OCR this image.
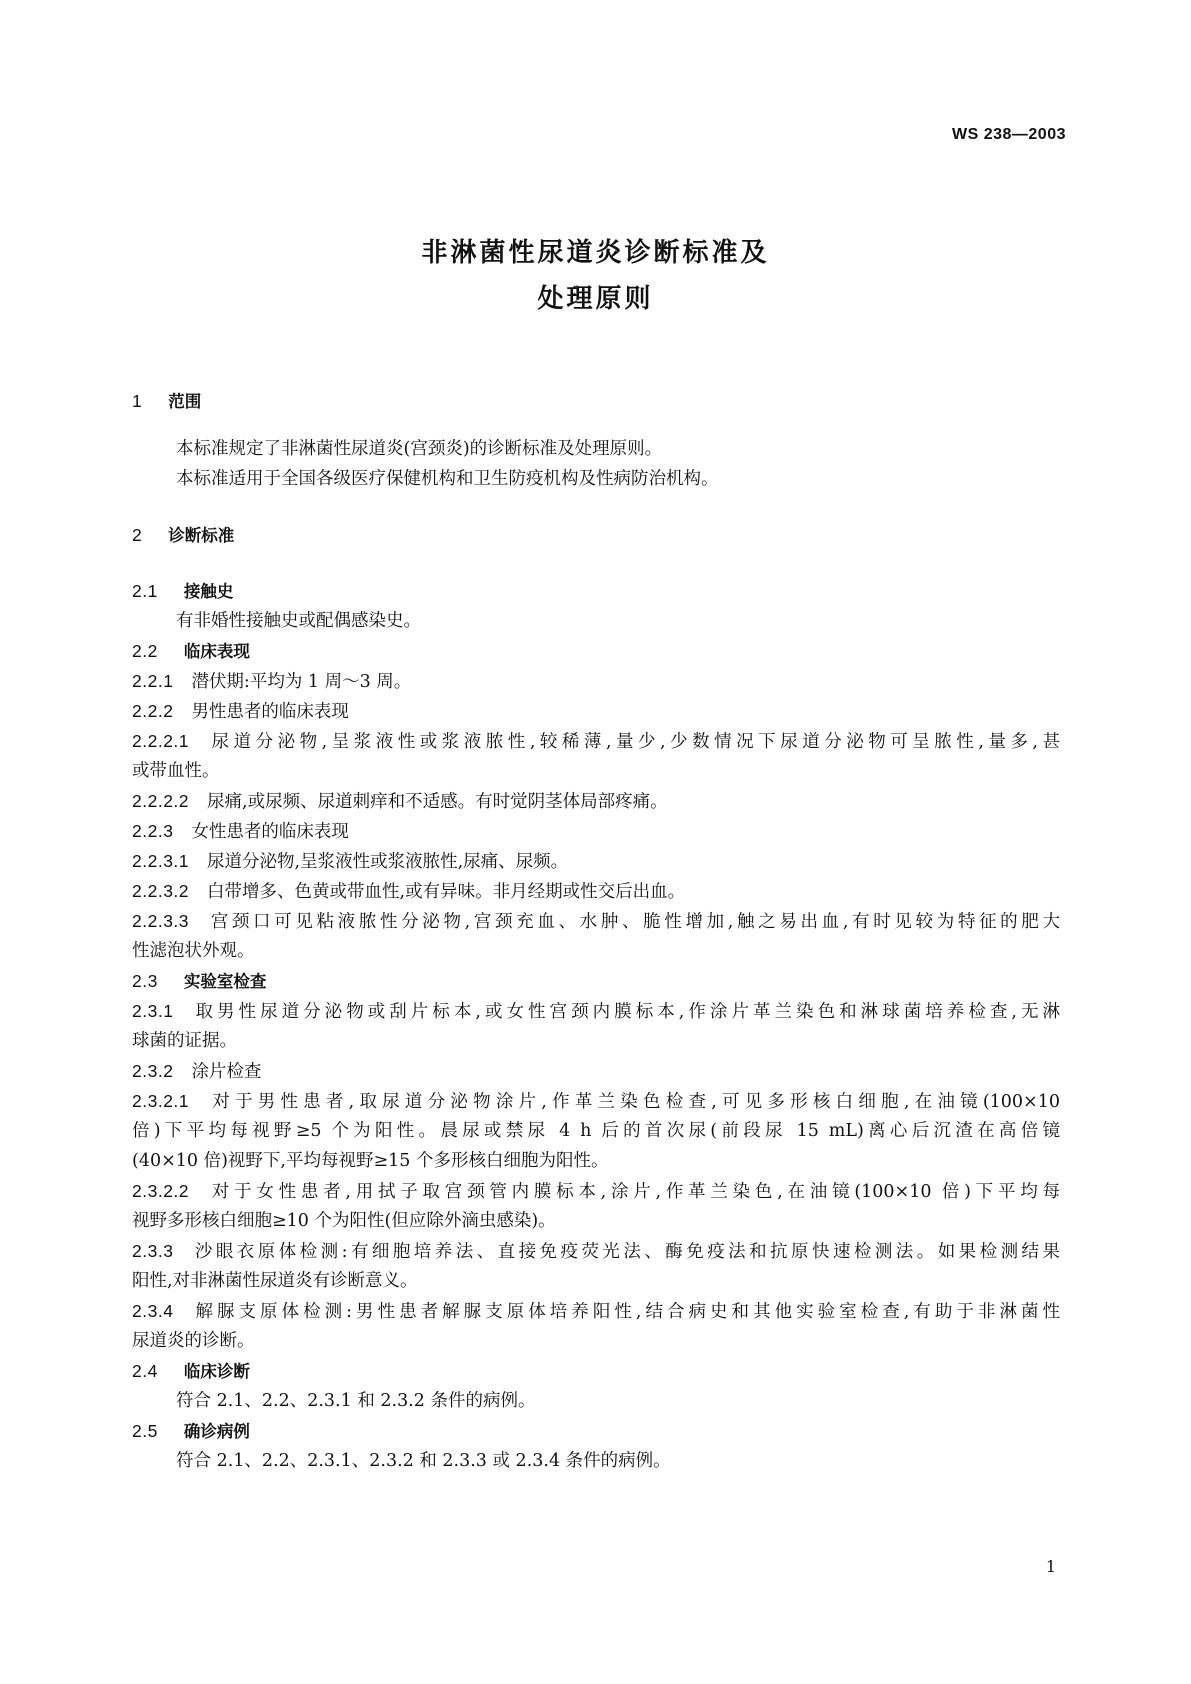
WS 238—2003
非淋菌性尿道炎诊断标准及
处理原则
1 范围
本标准规定了非淋菌性尿道炎(宫颈炎)的诊断标准及处理原则。
本标准适用于全国各级医疗保健机构和卫生防疫机构及性病防治机构。
2 诊断标准
2.1 接触史
有非婚性接触史或配偶感染史。
2.2 临床表现
2.2.1 潜伏期:平均为 1 周～3 周。
2.2.2 男性患者的临床表现
2.2.2.1 尿道分泌物,呈浆液性或浆液脓性,较稀薄,量少,少数情况下尿道分泌物可呈脓性,量多,甚
或带血性。
2.2.2.2 尿痛,或尿频、尿道刺痒和不适感。有时觉阴茎体局部疼痛。
2.2.3 女性患者的临床表现
2.2.3.1 尿道分泌物,呈浆液性或浆液脓性,尿痛、尿频。
2.2.3.2 白带增多、色黄或带血性,或有异味。非月经期或性交后出血。
2.2.3.3 宫颈口可见粘液脓性分泌物,宫颈充血、水肿、脆性增加,触之易出血,有时见较为特征的肥大
性滤泡状外观。
2.3 实验室检查
2.3.1 取男性尿道分泌物或刮片标本,或女性宫颈内膜标本,作涂片革兰染色和淋球菌培养检查,无淋
球菌的证据。
2.3.2 涂片检查
2.3.2.1 对于男性患者,取尿道分泌物涂片,作革兰染色检查,可见多形核白细胞,在油镜(100×10
倍)下平均每视野≥5 个为阳性。晨尿或禁尿 4 h 后的首次尿(前段尿 15 mL)离心后沉渣在高倍镜
(40×10 倍)视野下,平均每视野≥15 个多形核白细胞为阳性。
2.3.2.2 对于女性患者,用拭子取宫颈管内膜标本,涂片,作革兰染色,在油镜(100×10 倍)下平均每
视野多形核白细胞≥10 个为阳性(但应除外滴虫感染)。
2.3.3 沙眼衣原体检测:有细胞培养法、直接免疫荧光法、酶免疫法和抗原快速检测法。如果检测结果
阳性,对非淋菌性尿道炎有诊断意义。
2.3.4 解脲支原体检测:男性患者解脲支原体培养阳性,结合病史和其他实验室检查,有助于非淋菌性
尿道炎的诊断。
2.4 临床诊断
符合 2.1、2.2、2.3.1 和 2.3.2 条件的病例。
2.5 确诊病例
符合 2.1、2.2、2.3.1、2.3.2 和 2.3.3 或 2.3.4 条件的病例。
1
